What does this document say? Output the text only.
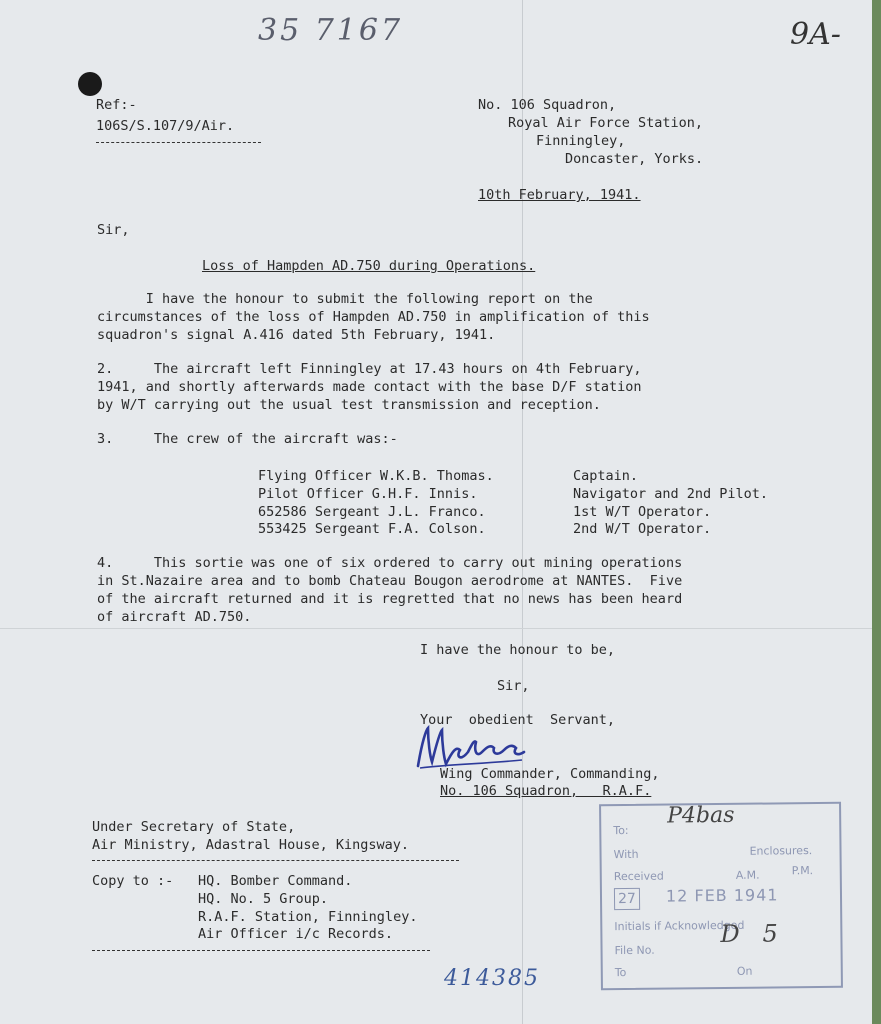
35 7167	9A-
Ref:-
106S/S.107/9/Air.
No. 106 Squadron,
Royal Air Force Station,
Finningley,
Doncaster, Yorks.
10th February, 1941.
Sir,
Loss of Hampden AD.750 during Operations.
I have the honour to submit the following report on the
circumstances of the loss of Hampden AD.750 in amplification of this
squadron's signal A.416 dated 5th February, 1941.
2.     The aircraft left Finningley at 17.43 hours on 4th February,
1941, and shortly afterwards made contact with the base D/F station
by W/T carrying out the usual test transmission and reception.
3.     The crew of the aircraft was:-
Flying Officer W.K.B. Thomas.	Captain.
Pilot Officer G.H.F. Innis.	Navigator and 2nd Pilot.
652586 Sergeant J.L. Franco.	1st W/T Operator.
553425 Sergeant F.A. Colson.	2nd W/T Operator.
4.     This sortie was one of six ordered to carry out mining operations
in St.Nazaire area and to bomb Chateau Bougon aerodrome at NANTES.  Five
of the aircraft returned and it is regretted that no news has been heard
of aircraft AD.750.
I have the honour to be,
Sir,
Your  obedient  Servant,
Wing Commander, Commanding,
No. 106 Squadron,   R.A.F.
Under Secretary of State,
Air Ministry, Adastral House, Kingsway.
Copy to :- HQ. Bomber Command.
HQ. No. 5 Group.
R.A.F. Station, Finningley.
Air Officer i/c Records.
414385
To:
P4bas
With	Enclosures.
Received	A.M.	P.M.
27 12 FEB 1941
Initials if Acknowledged
File No.
D   5
To	On
